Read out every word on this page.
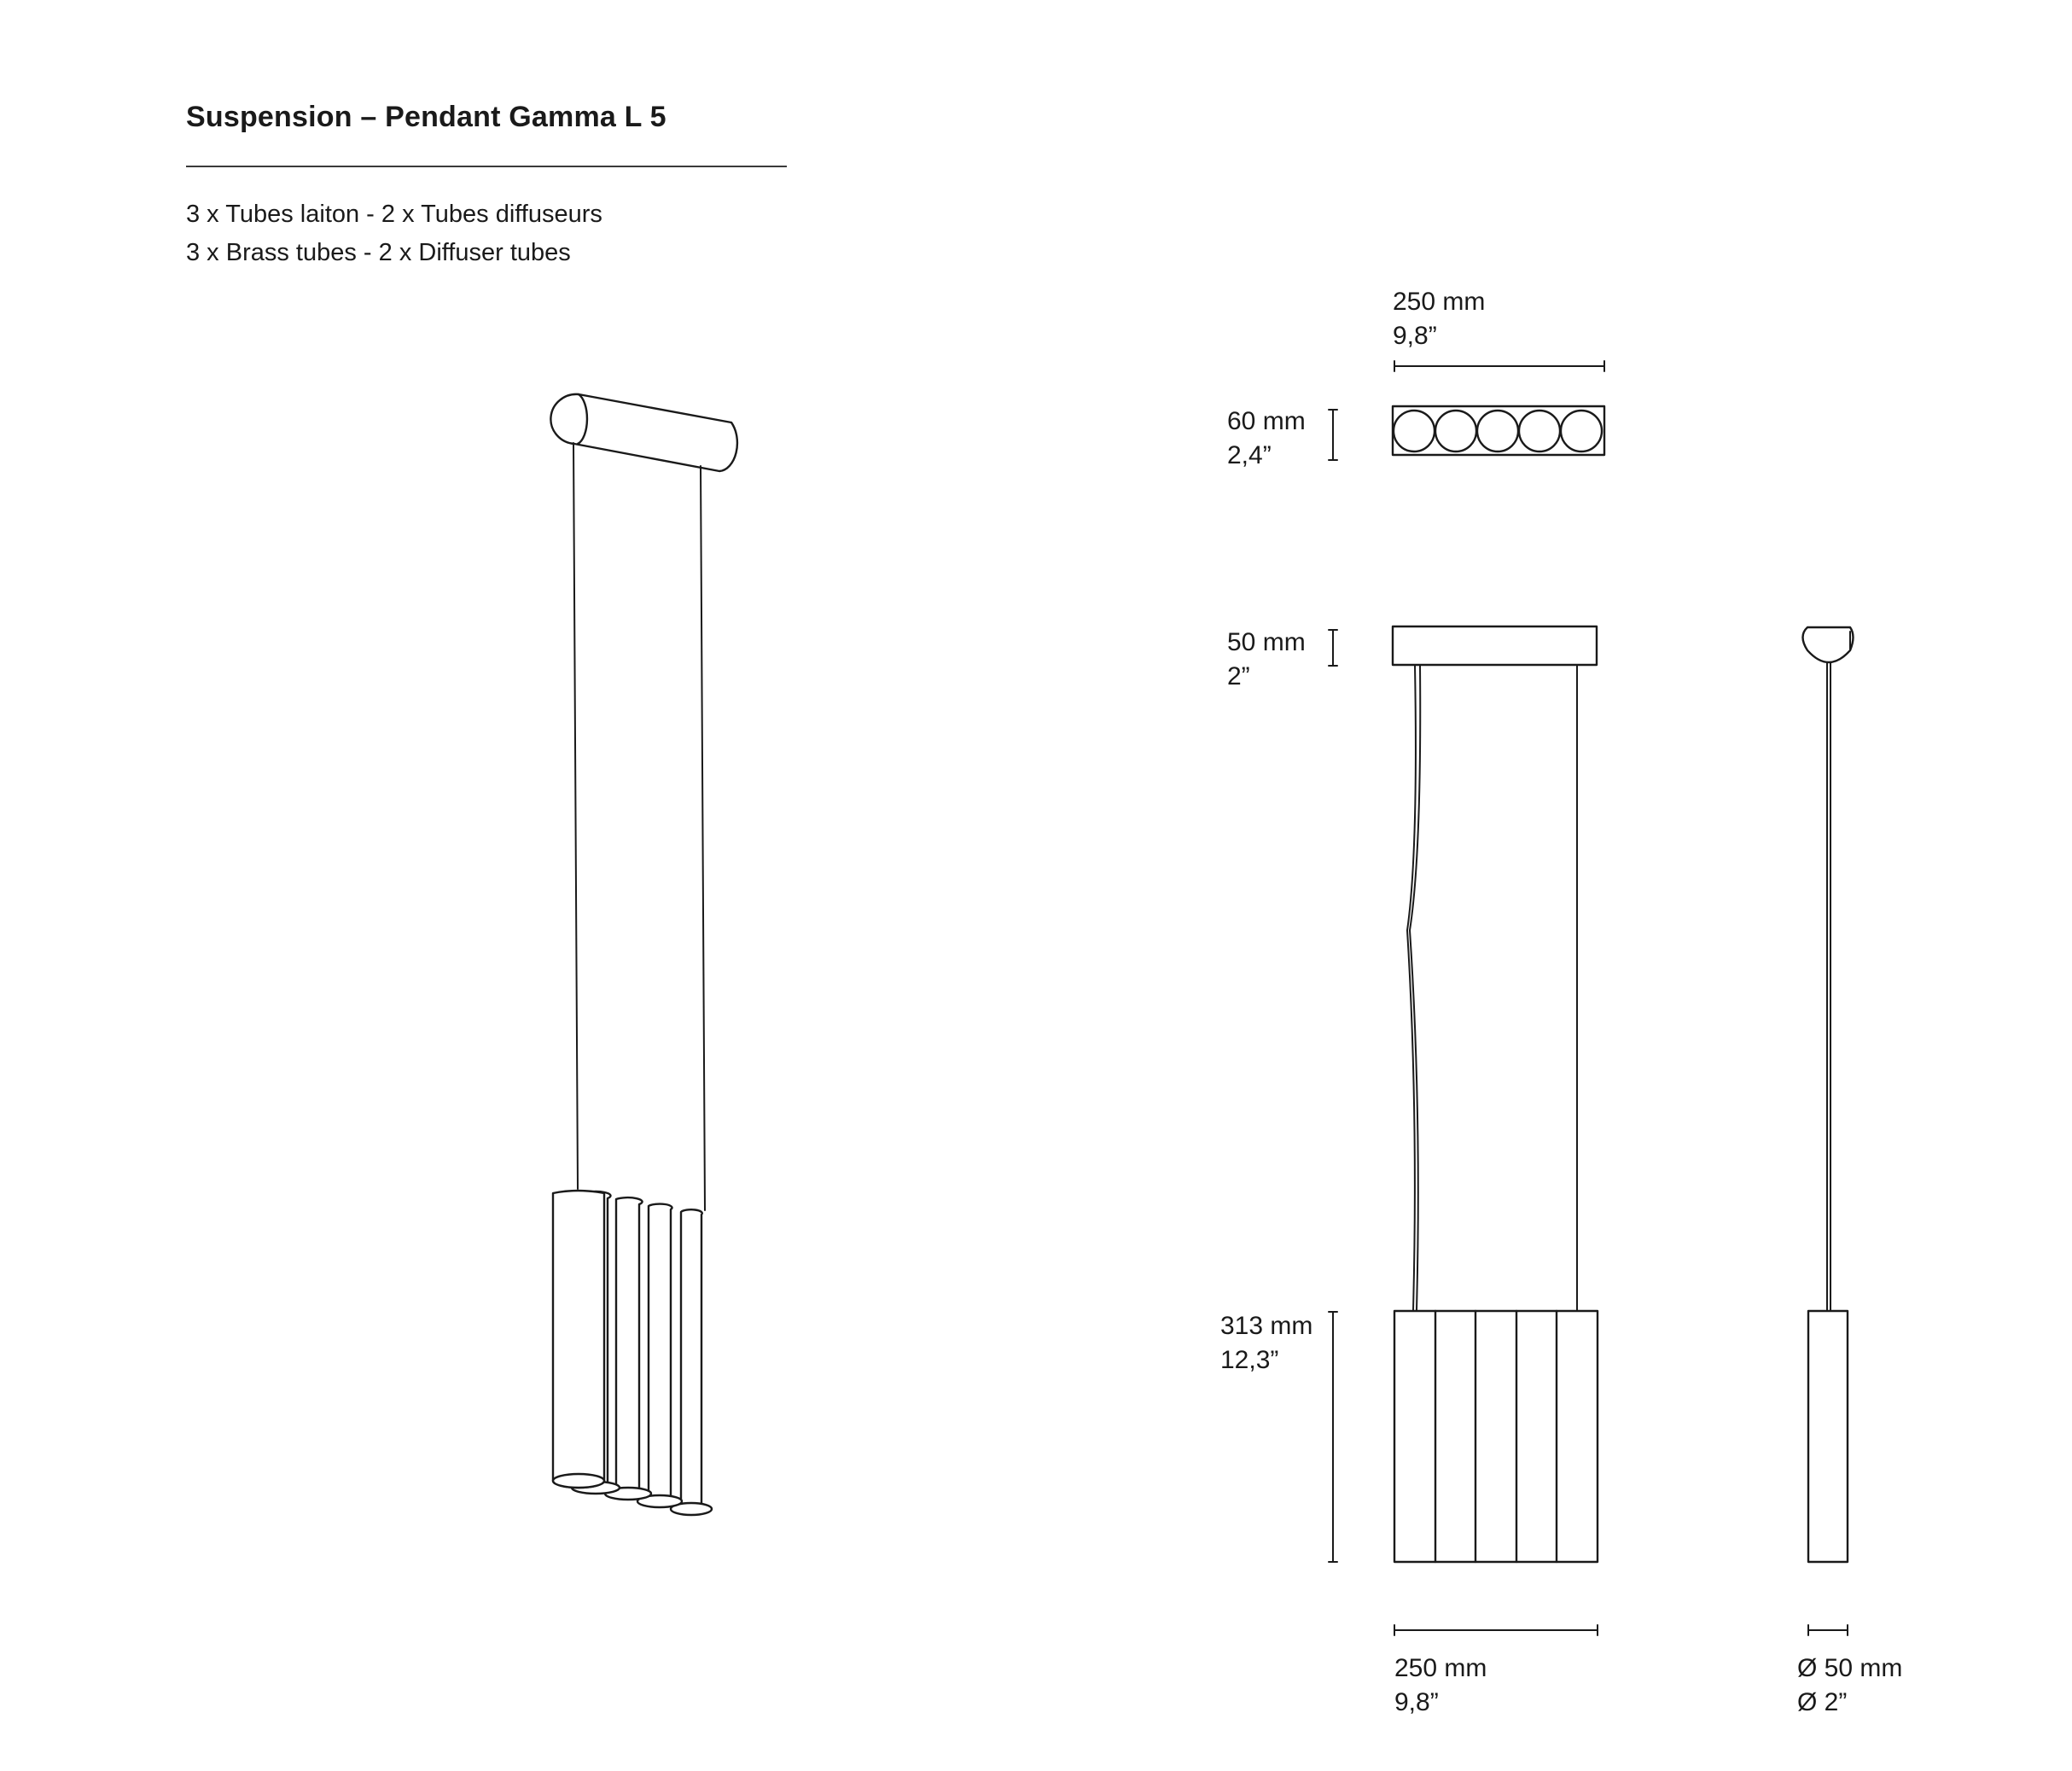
Suspension – Pendant Gamma L 5
3 x Tubes laiton - 2 x Tubes diffuseurs
3 x Brass tubes - 2 x Diffuser tubes
250 mm
9,8”
60 mm
2,4”
50 mm
2”
313 mm
12,3”
250 mm
9,8”
Ø 50 mm
Ø 2”
